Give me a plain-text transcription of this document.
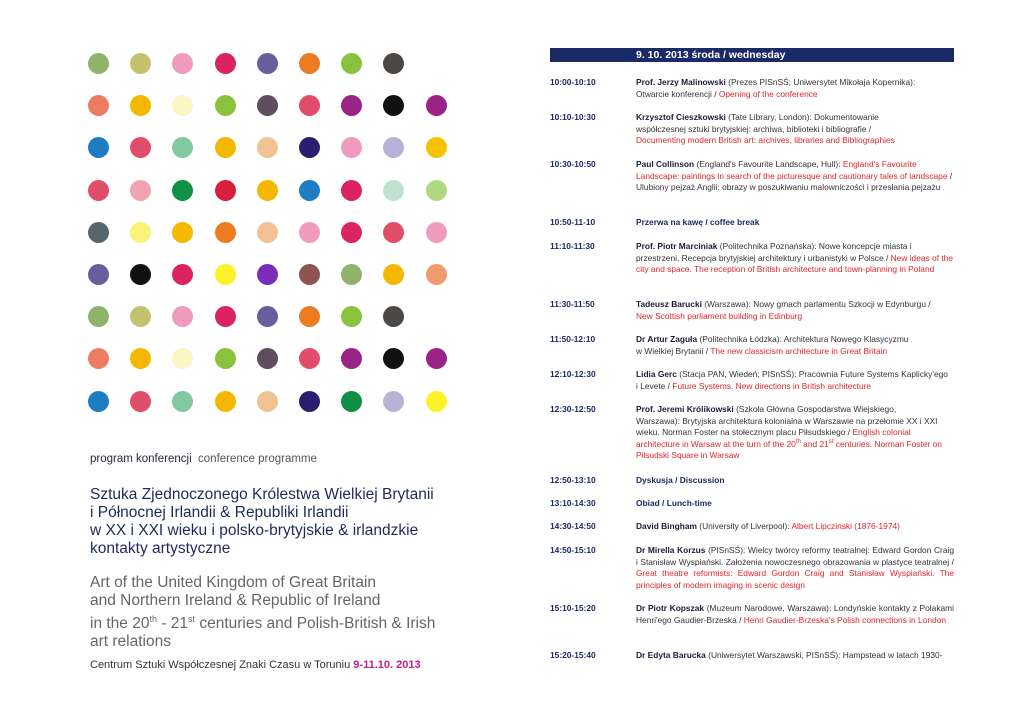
program konferencji conference programme
Sztuka Zjednoczonego Królestwa Wielkiej Brytanii
i Północnej Irlandii & Republiki Irlandii
w XX i XXI wieku i polsko-brytyjskie & irlandzkie
kontakty artystyczne
Art of the United Kingdom of Great Britain
and Northern Ireland & Republic of Ireland
in the 20th - 21st centuries and Polish-British & Irish
art relations
Centrum Sztuki Współczesnej Znaki Czasu w Toruniu 9-11.10. 2013
9. 10. 2013 środa / wednesday
10:00-10:10	Prof. Jerzy Malinowski (Prezes PISnSŚ; Uniwersytet Mikołaja Kopernika):
Otwarcie konferencji / Opening of the conference
10:10-10:30	Krzysztof Cieszkowski (Tate Library, London): Dokumentowanie
współczesnej sztuki brytyjskiej: archiwa, biblioteki i bibliografie /
Documenting modern British art: archives, libraries and Bibliographies
10:30-10:50	Paul Collinson (England's Favourite Landscape, Hull): England's Favourite Landscape: paintings in search of the picturesque and cautionary tales of landscape / Ulubiony pejzaż Anglii: obrazy w poszukiwaniu malowniczości i przesłania pejzażu
10:50-11-10	Przerwa na kawę / coffee break
11:10-11:30	Prof. Piotr Marciniak (Politechnika Poznańska): Nowe koncepcje miasta i przestrzeni. Recepcja brytyjskiej architektury i urbanistyki w Polsce / New ideas of the city and space. The reception of British architecture and town-planning in Poland
11:30-11:50	Tadeusz Barucki (Warszawa): Nowy gmach parlamentu Szkocji w Edynburgu /
New Scottish parliament building in Edinburg
11:50-12:10	Dr Artur Zaguła (Politechnika Łódzka): Architektura Nowego Klasycyzmu
w Wielkiej Brytanii / The new classicism architecture in Great Britain
12:10-12:30	Lidia Gerc (Stacja PAN, Wiedeń; PISnSŚ): Pracownia Future Systems Kaplicky'ego
i Levete / Future Systems. New directions in British architecture
12:30-12:50	Prof. Jeremi Królikowski (Szkoła Główna Gospodarstwa Wiejskiego,
Warszawa): Brytyjska architektura kolonialna w Warszawie na przełomie XX i XXI wieku. Norman Foster na stołecznym placu Piłsudskiego / English colonial architecture in Warsaw at the turn of the 20th and 21st centuries. Norman Foster on Pilsudski Square in Warsaw
12:50-13:10	Dyskusja / Discussion
13:10-14:30	Obiad / Lunch-time
14:30-14:50	David Bingham (University of Liverpool): Albert Lipczinski (1876-1974)
14:50-15:10	Dr Mirella Korzus (PISnSŚ): Wielcy twórcy reformy teatralnej: Edward Gordon Craig i Stanisław Wyspiański. Założenia nowoczesnego obrazowania w plastyce teatralnej / Great theatre reformists: Edward Gordon Craig and Stanisław Wyspiański. The principles of modern imaging in scenic design
15:10-15:20	Dr Piotr Kopszak (Muzeum Narodowe, Warszawa): Londyńskie kontakty z Polakami Henri'ego Gaudier-Brzeska / Henri Gaudier-Brzeska's Polish connections in London
15:20-15:40	Dr Edyta Barucka (Uniwersytet Warszawski, PISnSŚ): Hampstead w latach 1930-
